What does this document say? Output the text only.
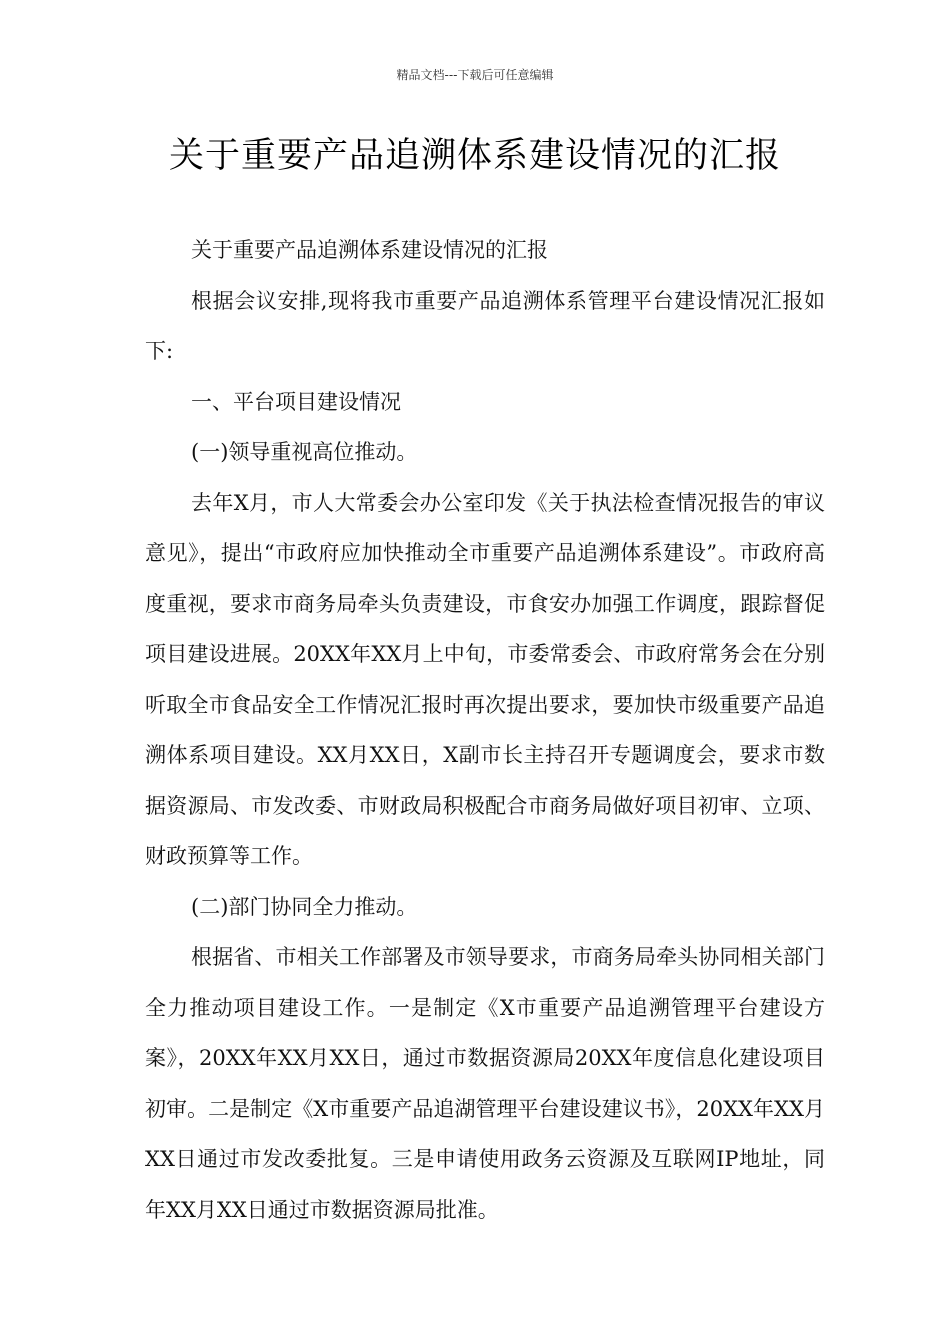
精品文档---下载后可任意编辑
关于重要产品追溯体系建设情况的汇报

关于重要产品追溯体系建设情况的汇报

根据会议安排,现将我市重要产品追溯体系管理平台建设情况汇报如下:

一、平台项目建设情况

(一)领导重视高位推动。

去年X月，市人大常委会办公室印发《关于执法检查情况报告的审议意见》，提出“市政府应加快推动全市重要产品追溯体系建设”。市政府高度重视，要求市商务局牵头负责建设，市食安办加强工作调度，跟踪督促项目建设进展。20XX年XX月上中旬，市委常委会、市政府常务会在分别听取全市食品安全工作情况汇报时再次提出要求，要加快市级重要产品追溯体系项目建设。XX月XX日，X副市长主持召开专题调度会，要求市数据资源局、市发改委、市财政局积极配合市商务局做好项目初审、立项、财政预算等工作。

(二)部门协同全力推动。

根据省、市相关工作部署及市领导要求，市商务局牵头协同相关部门全力推动项目建设工作。一是制定《X市重要产品追溯管理平台建设方案》，20XX年XX月XX日，通过市数据资源局20XX年度信息化建设项目初审。二是制定《X市重要产品追湖管理平台建设建议书》，20XX年XX月XX日通过市发改委批复。三是申请使用政务云资源及互联网IP地址，同年XX月XX日通过市数据资源局批准。
